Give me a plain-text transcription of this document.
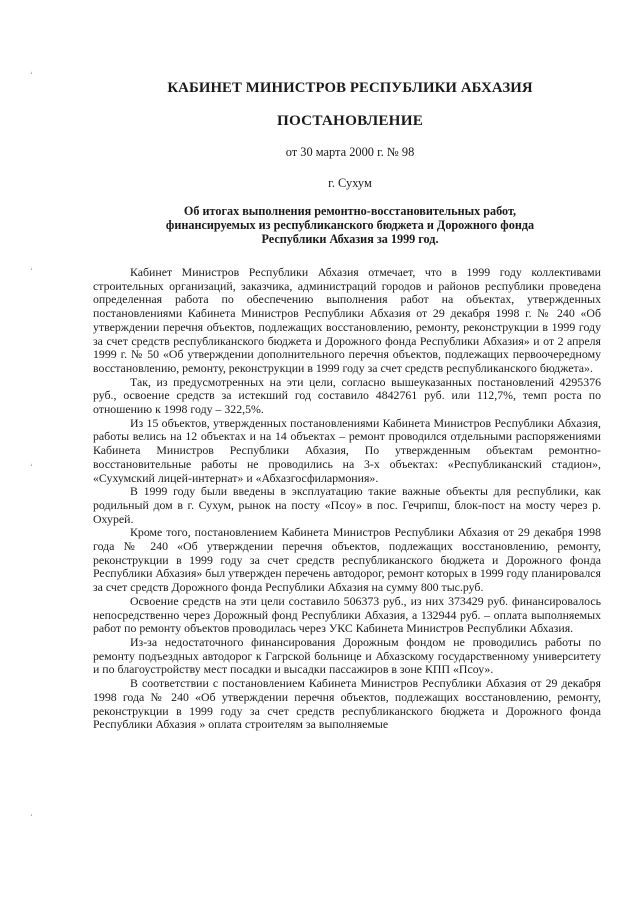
ʻ
ʻ
ʻ
ʻ
КАБИНЕТ МИНИСТРОВ РЕСПУБЛИКИ АБХАЗИЯ
ПОСТАНОВЛЕНИЕ
от 30 марта 2000 г. № 98
г. Сухум
Об итогах выполнения ремонтно-восстановительных работ,
финансируемых из республиканского бюджета и Дорожного фонда
Республики Абхазия за 1999 год.

Кабинет Министров Республики Абхазия отмечает, что в 1999 году коллективами строительных организаций, заказчика, администраций городов и районов республики проведена определенная работа по обеспечению выполнения работ на объектах, утвержденных постановлениями Кабинета Министров Республики Абхазия от 29 декабря 1998 г. № 240 «Об утверждении перечня объектов, подлежащих восстановлению, ремонту, реконструкции в 1999 году за счет средств республиканского бюджета и Дорожного фонда Республики Абхазия» и от 2 апреля 1999 г. № 50 «Об утверждении дополнительного перечня объектов, подлежащих первоочередному восстановлению, ремонту, реконструкции в 1999 году за счет средств республиканского бюджета».

Так, из предусмотренных на эти цели, согласно вышеуказанных постановлений 4295376 руб., освоение средств за истекший год составило 4842761 руб. или 112,7%, темп роста по отношению к 1998 году – 322,5%.

Из 15 объектов, утвержденных постановлениями Кабинета Министров Республики Абхазия, работы велись на 12 объектах и на 14 объектах – ремонт проводился отдельными распоряжениями Кабинета Министров Республики Абхазия, По утвержденным объектам ремонтно-восстановительные работы не проводились на 3-х объектах: «Республиканский стадион», «Сухумский лицей-интернат» и «Абхазгосфилармония».

В 1999 году были введены в эксплуатацию такие важные объекты для республики, как родильный дом в г. Сухум, рынок на посту «Псоу» в пос. Гечрипш, блок-пост на мосту через р. Охурей.

Кроме того, постановлением Кабинета Министров Республики Абхазия от 29 декабря 1998 года № 240 «Об утверждении перечня объектов, подлежащих восстановлению, ремонту, реконструкции в 1999 году за счет средств республиканского бюджета и Дорожного фонда Республики Абхазия» был утвержден перечень автодорог, ремонт которых в 1999 году планировался за счет средств Дорожного фонда Республики Абхазия на сумму 800 тыс.руб.

Освоение средств на эти цели составило 506373 руб., из них 373429 руб. финансировалось непосредственно через Дорожный фонд Республики Абхазия, а 132944 руб. – оплата выполняемых работ по ремонту объектов проводилась через УКС Кабинета Министров Республики Абхазия.

Из-за недостаточного финансирования Дорожным фондом не проводились работы по ремонту подъездных автодорог к Гагрской больнице и Абхазскому государственному университету и по благоустройству мест посадки и высадки пассажиров в зоне КПП «Псоу».

В соответствии с постановлением Кабинета Министров Республики Абхазия от 29 декабря 1998 года № 240 «Об утверждении перечня объектов, подлежащих восстановлению, ремонту, реконструкции в 1999 году за счет средств республиканского бюджета и Дорожного фонда Республики Абхазия » оплата строителям за выполняемые
